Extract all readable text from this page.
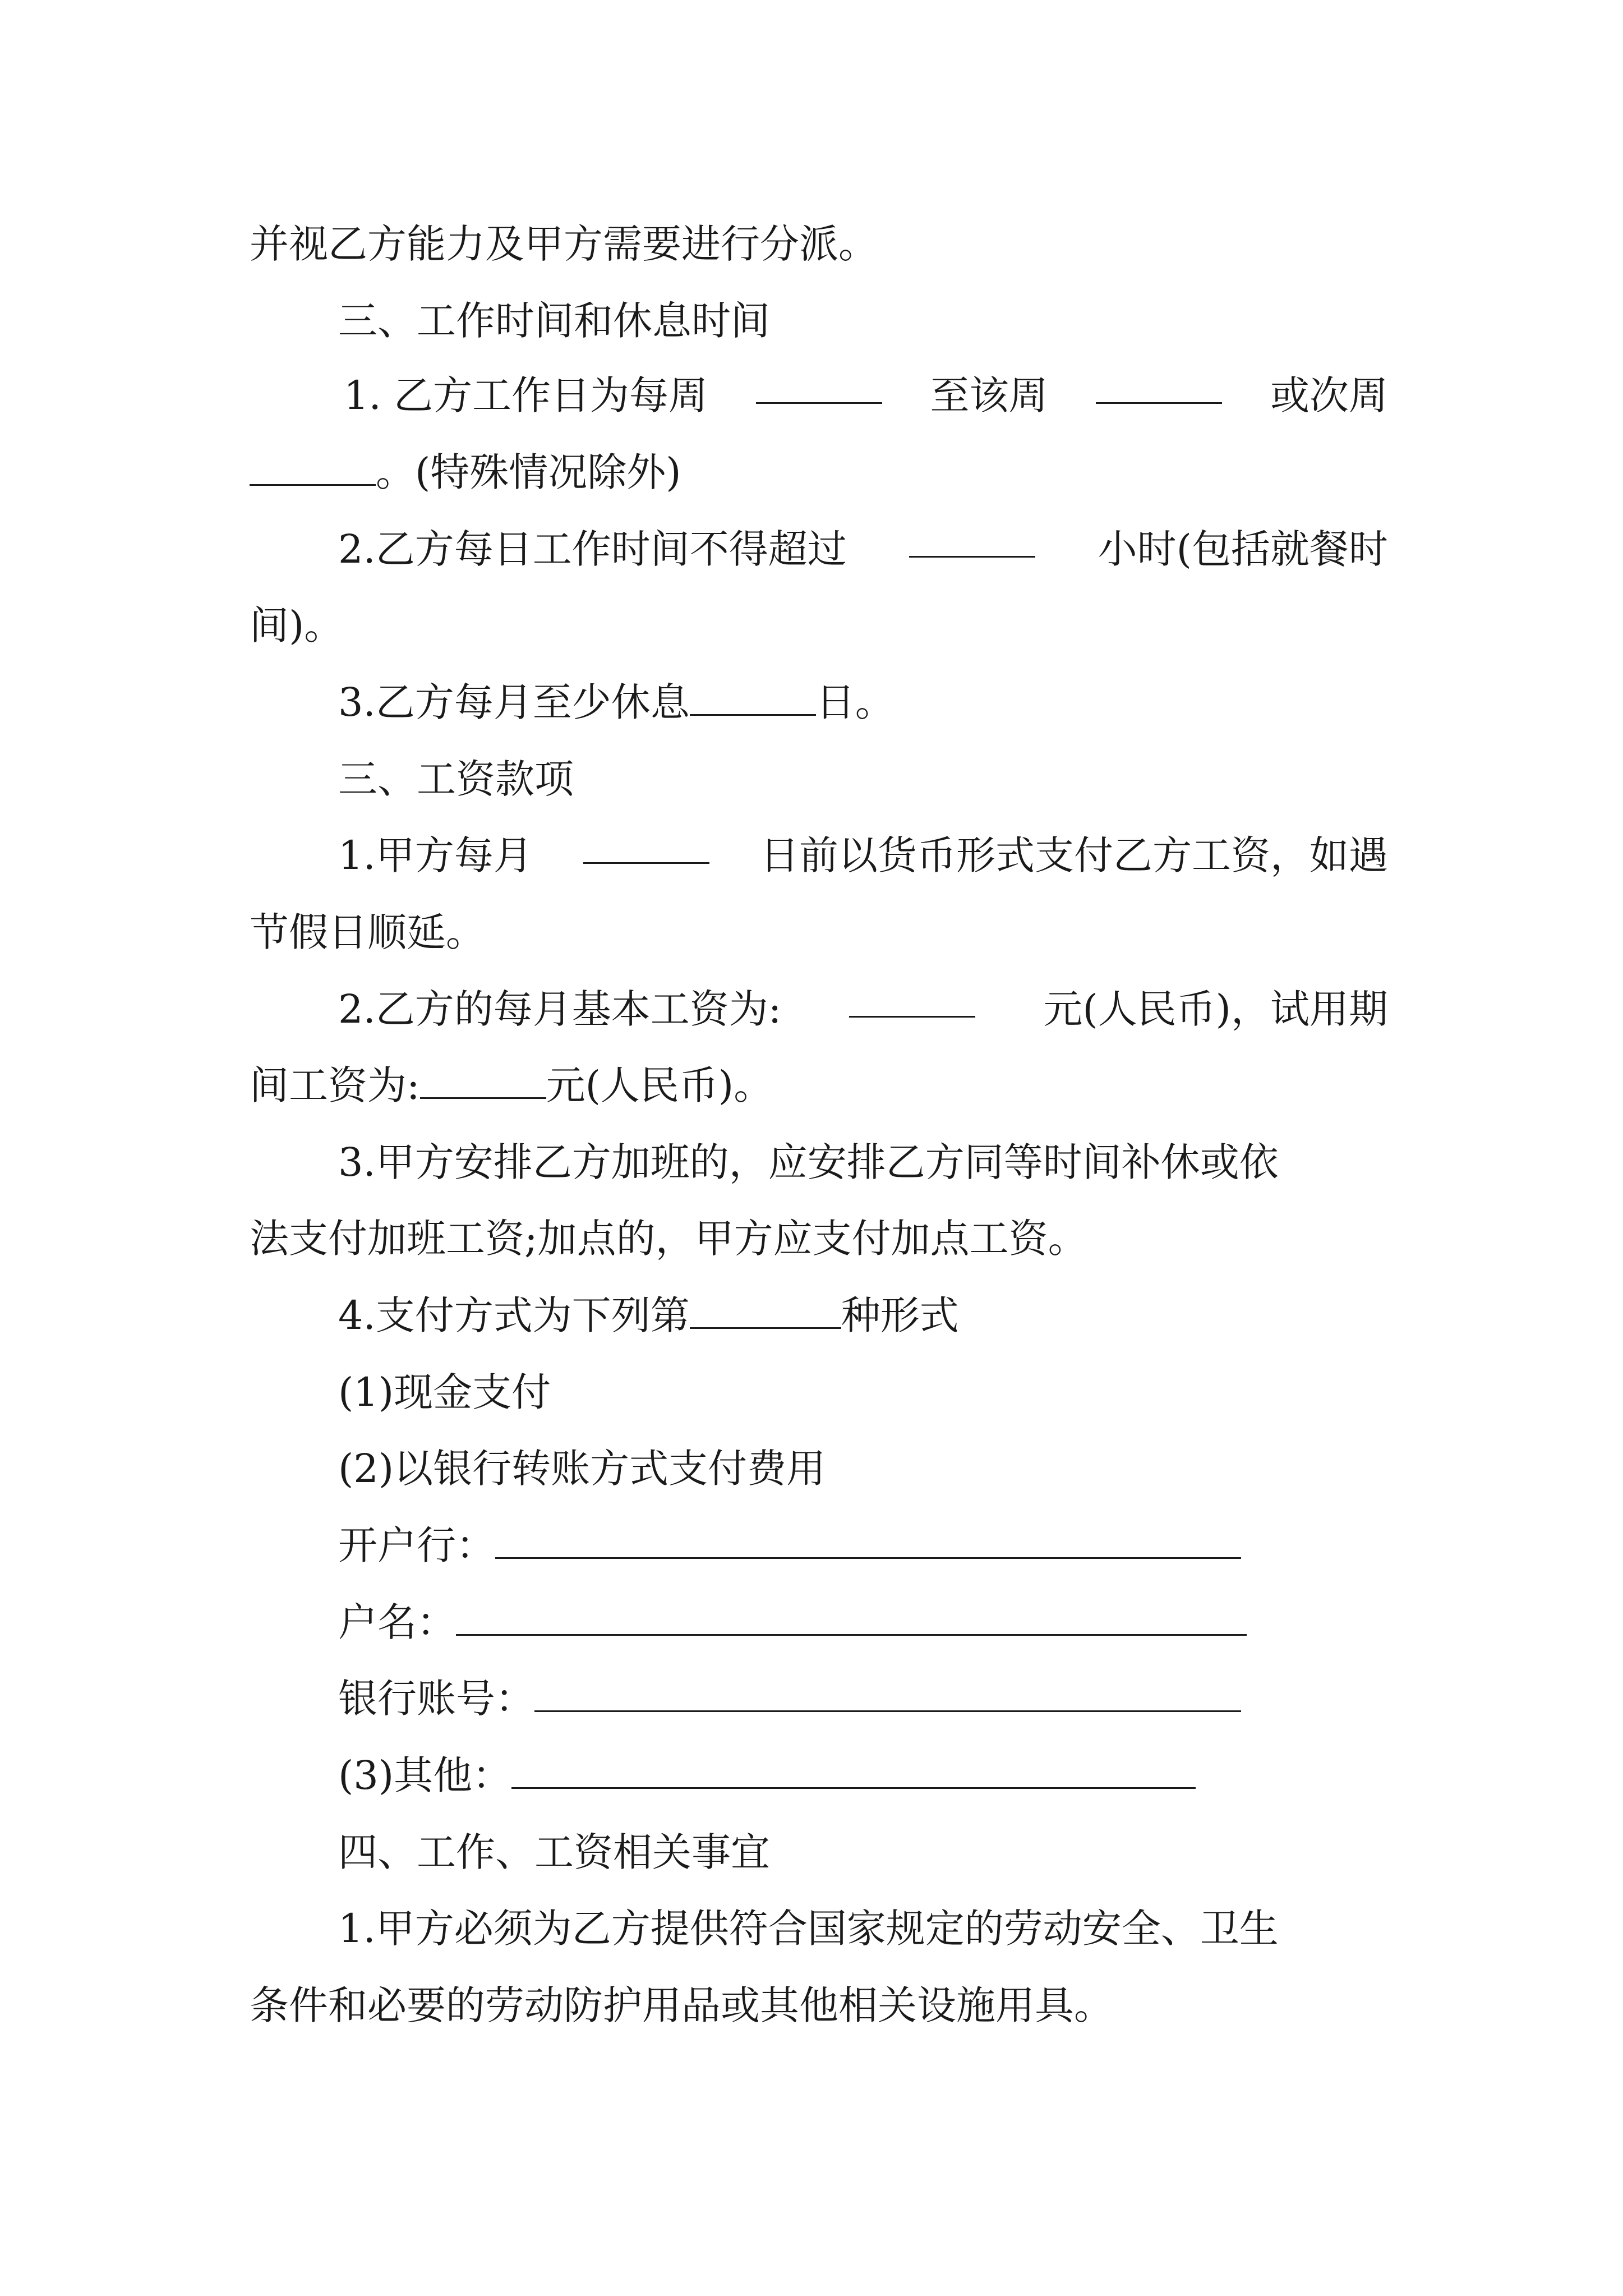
并视乙方能力及甲方需要进行分派。
三、工作时间和休息时间
1. 乙方工作日为每周	至该周	或次周
。(特殊情况除外)
2.乙方每日工作时间不得超过	小时(包括就餐时
间)。
3.乙方每月至少休息	日。
三、工资款项
1.甲方每月	日前以货币形式支付乙方工资，如遇
节假日顺延。
2.乙方的每月基本工资为:	元(人民币)，试用期
间工资为:	元(人民币)。
3.甲方安排乙方加班的，应安排乙方同等时间补休或依
法支付加班工资;加点的，甲方应支付加点工资。
4.支付方式为下列第	种形式
(1)现金支付
(2)以银行转账方式支付费用
开户行：
户名：
银行账号：
(3)其他：
四、工作、工资相关事宜
1.甲方必须为乙方提供符合国家规定的劳动安全、卫生
条件和必要的劳动防护用品或其他相关设施用具。
